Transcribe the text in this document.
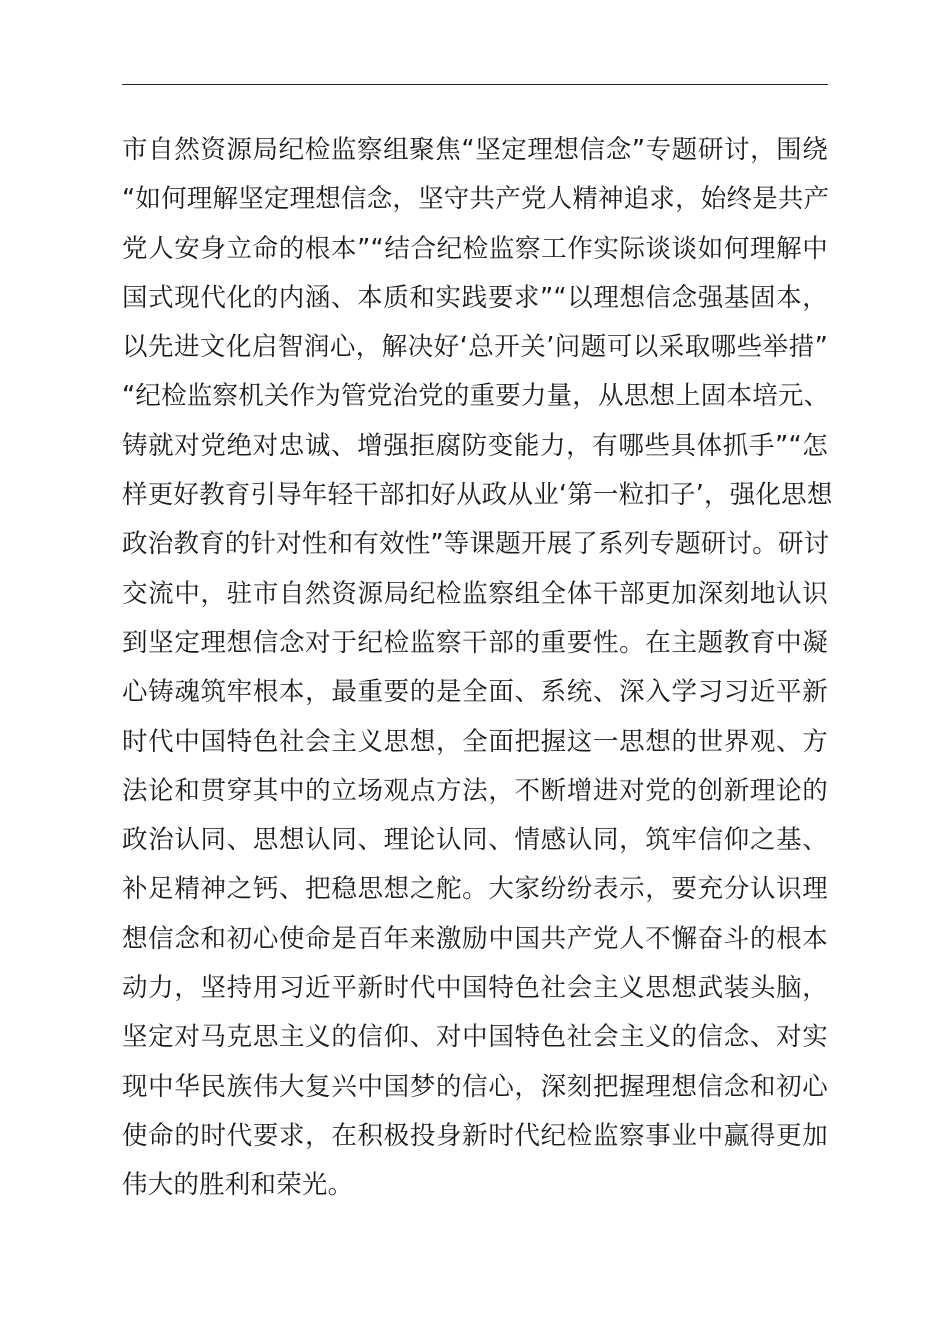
市自然资源局纪检监察组聚焦“坚定理想信念”专题研讨，围绕
“如何理解坚定理想信念，坚守共产党人精神追求，始终是共产
党人安身立命的根本”“结合纪检监察工作实际谈谈如何理解中
国式现代化的内涵、本质和实践要求”“以理想信念强基固本，
以先进文化启智润心，解决好‘总开关’问题可以采取哪些举措”
“纪检监察机关作为管党治党的重要力量，从思想上固本培元、
铸就对党绝对忠诚、增强拒腐防变能力，有哪些具体抓手”“怎
样更好教育引导年轻干部扣好从政从业‘第一粒扣子’，强化思想
政治教育的针对性和有效性”等课题开展了系列专题研讨。研讨
交流中，驻市自然资源局纪检监察组全体干部更加深刻地认识
到坚定理想信念对于纪检监察干部的重要性。在主题教育中凝
心铸魂筑牢根本，最重要的是全面、系统、深入学习习近平新
时代中国特色社会主义思想，全面把握这一思想的世界观、方
法论和贯穿其中的立场观点方法，不断增进对党的创新理论的
政治认同、思想认同、理论认同、情感认同，筑牢信仰之基、
补足精神之钙、把稳思想之舵。大家纷纷表示，要充分认识理
想信念和初心使命是百年来激励中国共产党人不懈奋斗的根本
动力，坚持用习近平新时代中国特色社会主义思想武装头脑，
坚定对马克思主义的信仰、对中国特色社会主义的信念、对实
现中华民族伟大复兴中国梦的信心，深刻把握理想信念和初心
使命的时代要求，在积极投身新时代纪检监察事业中赢得更加
伟大的胜利和荣光。
